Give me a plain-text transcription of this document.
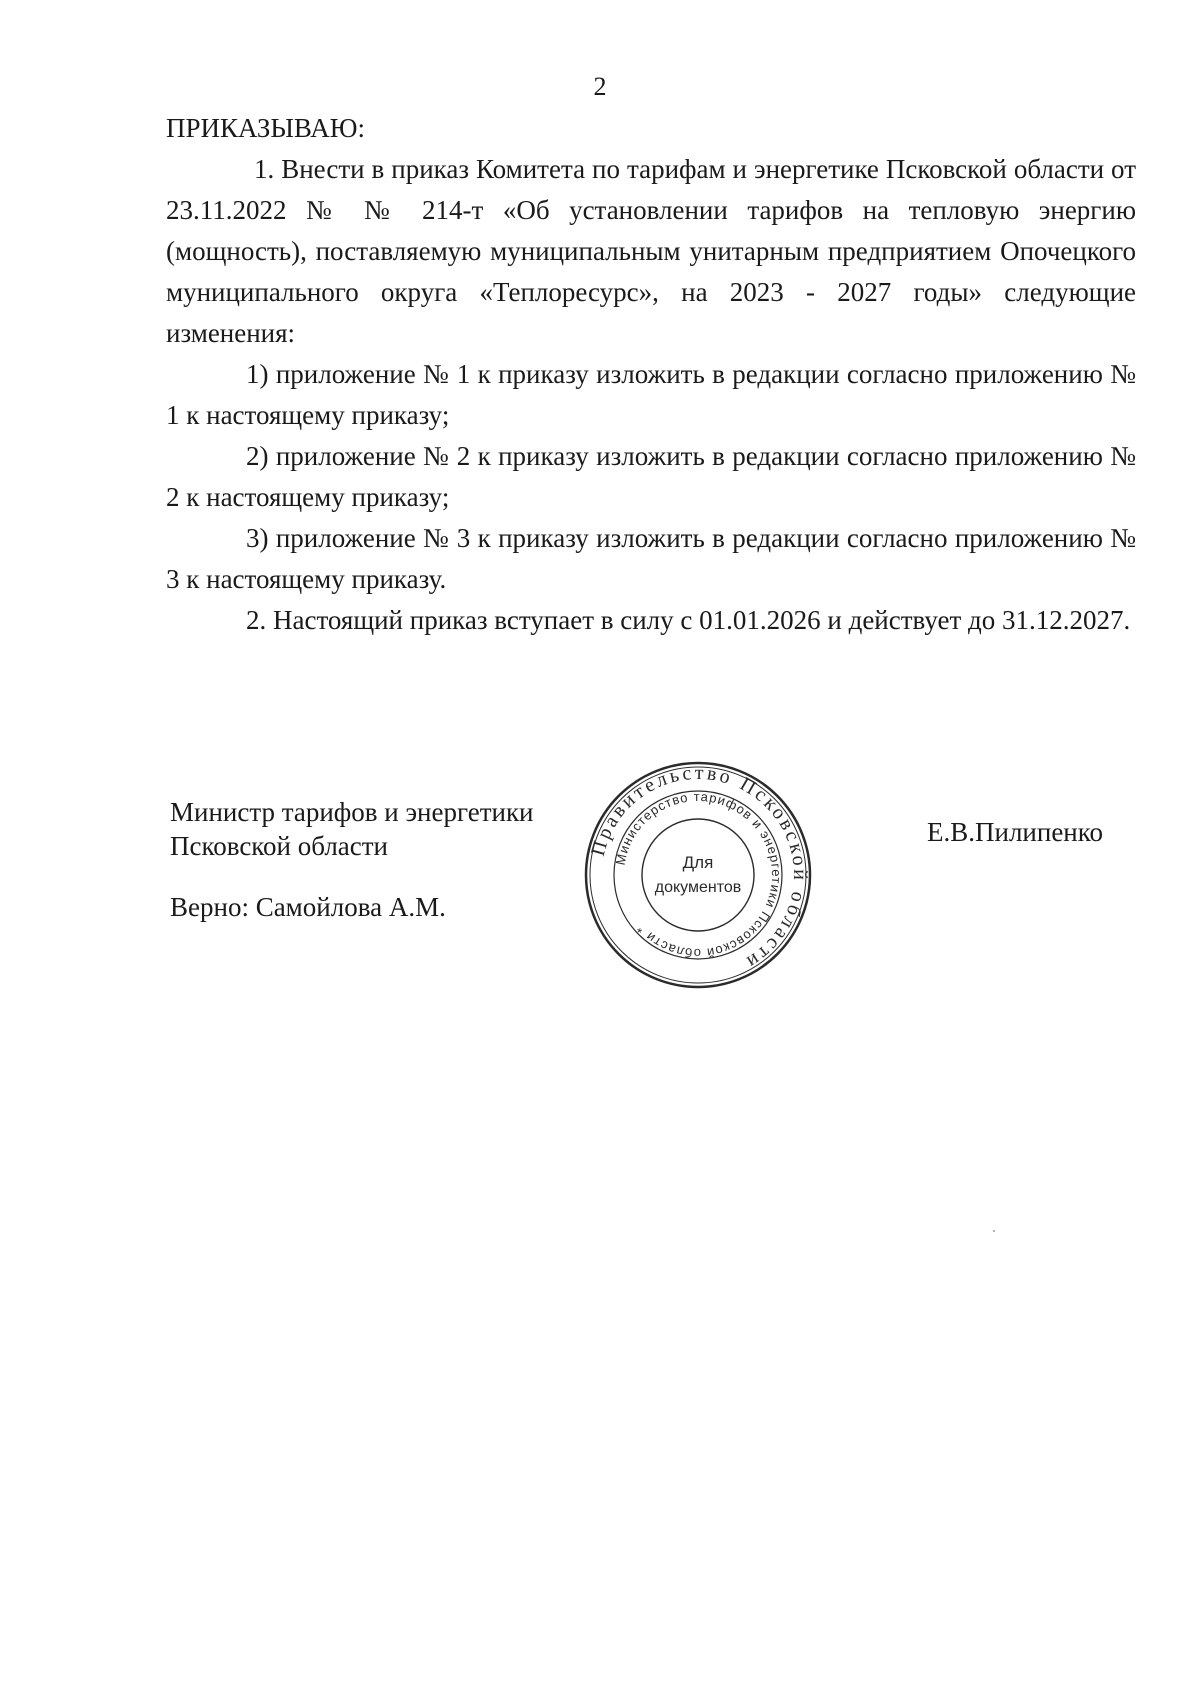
2

ПРИКАЗЫВАЮ:

1. Внести в приказ Комитета по тарифам и энергетике Псковской области от 23.11.2022 № № 214-т «Об установлении тарифов на тепловую энергию (мощность), поставляемую муниципальным унитарным предприятием Опочецкого муниципального округа «Теплоресурс», на 2023 - 2027 годы» следующие изменения:

1) приложение № 1 к приказу изложить в редакции согласно приложению № 1 к настоящему приказу;

2) приложение № 2 к приказу изложить в редакции согласно приложению № 2 к настоящему приказу;

3) приложение № 3 к приказу изложить в редакции согласно приложению № 3 к настоящему приказу.

2. Настоящий приказ вступает в силу с 01.01.2026 и действует до 31.12.2027.

Министр тарифов и энергетики
Псковской области
Верно: Самойлова А.М.
Е.В.Пилипенко
Правительство Псковской области
Министерство тарифов и энергетики Псковской области *
Для
документов
